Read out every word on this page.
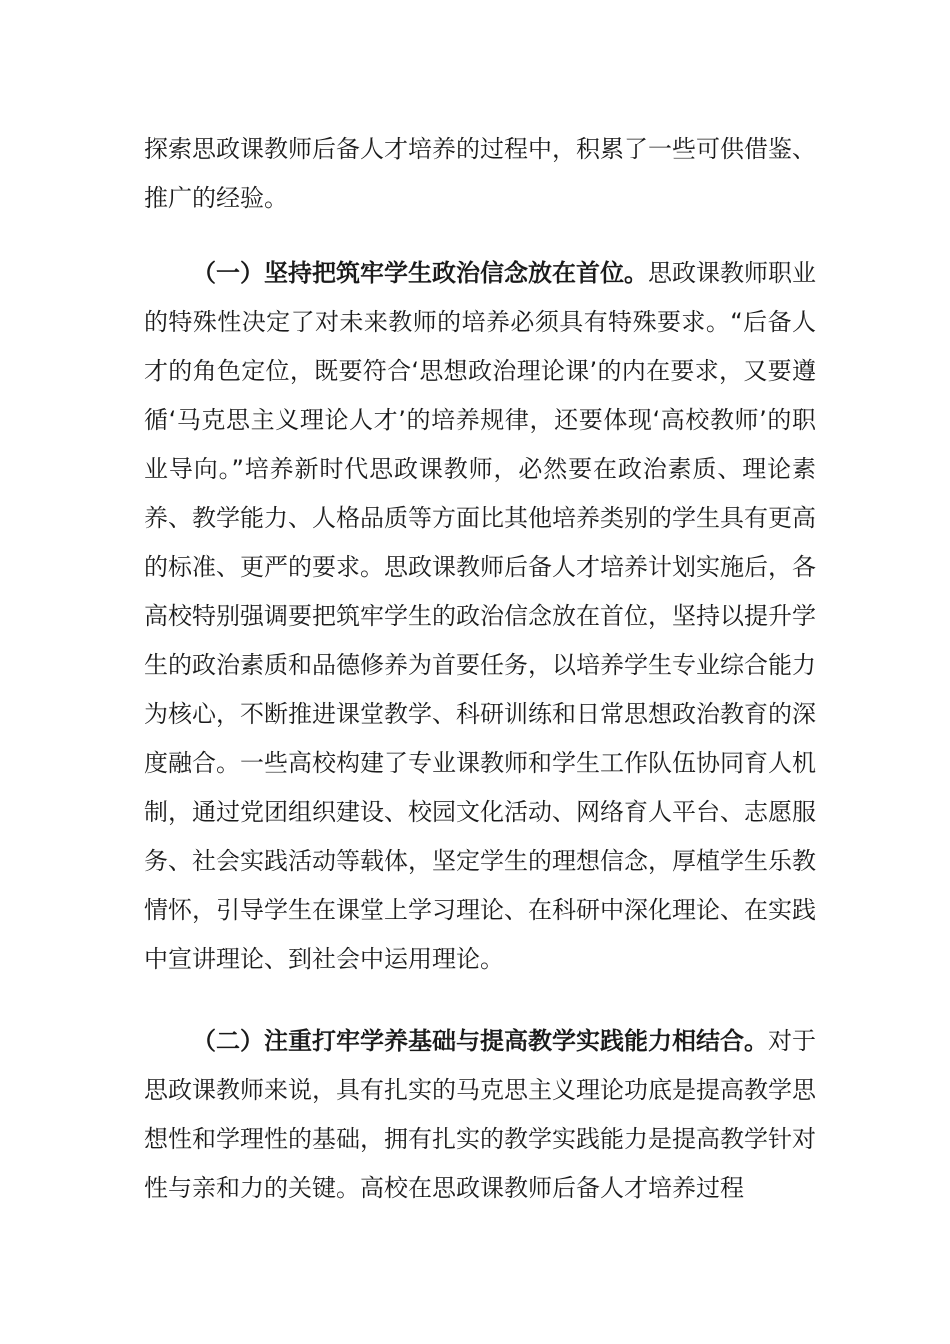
探索思政课教师后备人才培养的过程中，积累了一些可供借鉴、推广的经验。

（一）坚持把筑牢学生政治信念放在首位。思政课教师职业的特殊性决定了对未来教师的培养必须具有特殊要求。“后备人才的角色定位，既要符合‘思想政治理论课’的内在要求，又要遵循‘马克思主义理论人才’的培养规律，还要体现‘高校教师’的职业导向。”培养新时代思政课教师，必然要在政治素质、理论素养、教学能力、人格品质等方面比其他培养类别的学生具有更高的标准、更严的要求。思政课教师后备人才培养计划实施后，各高校特别强调要把筑牢学生的政治信念放在首位，坚持以提升学生的政治素质和品德修养为首要任务，以培养学生专业综合能力为核心，不断推进课堂教学、科研训练和日常思想政治教育的深度融合。一些高校构建了专业课教师和学生工作队伍协同育人机制，通过党团组织建设、校园文化活动、网络育人平台、志愿服务、社会实践活动等载体，坚定学生的理想信念，厚植学生乐教情怀，引导学生在课堂上学习理论、在科研中深化理论、在实践中宣讲理论、到社会中运用理论。

（二）注重打牢学养基础与提高教学实践能力相结合。对于思政课教师来说，具有扎实的马克思主义理论功底是提高教学思想性和学理性的基础，拥有扎实的教学实践能力是提高教学针对性与亲和力的关键。高校在思政课教师后备人才培养过程
